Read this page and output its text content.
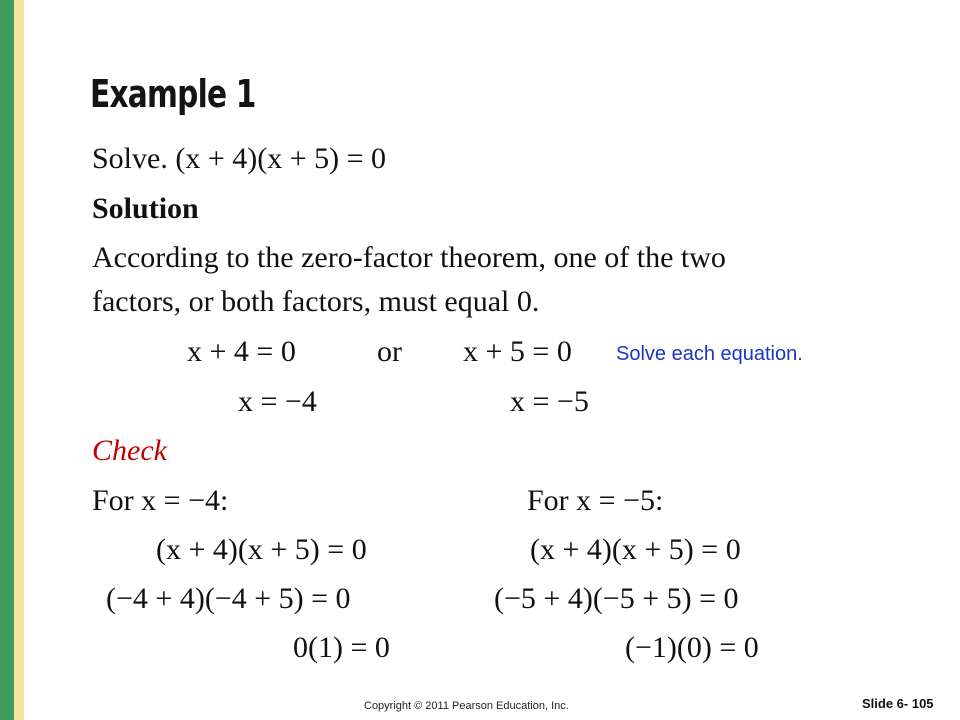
Example 1
Solve. (x + 4)(x + 5) = 0
Solution
According to the zero-factor theorem, one of the two
factors, or both factors, must equal 0.
x + 4 = 0	or x + 5 = 0 Solve each equation.
x = −4	x = −5
Check
For x = −4:	For x = −5:
(x + 4)(x + 5) = 0	(x + 4)(x + 5) = 0
(−4 + 4)(−4 + 5) = 0	(−5 + 4)(−5 + 5) = 0
0(1) = 0	(−1)(0) = 0
Copyright © 2011 Pearson Education, Inc.	Slide 6- 105
